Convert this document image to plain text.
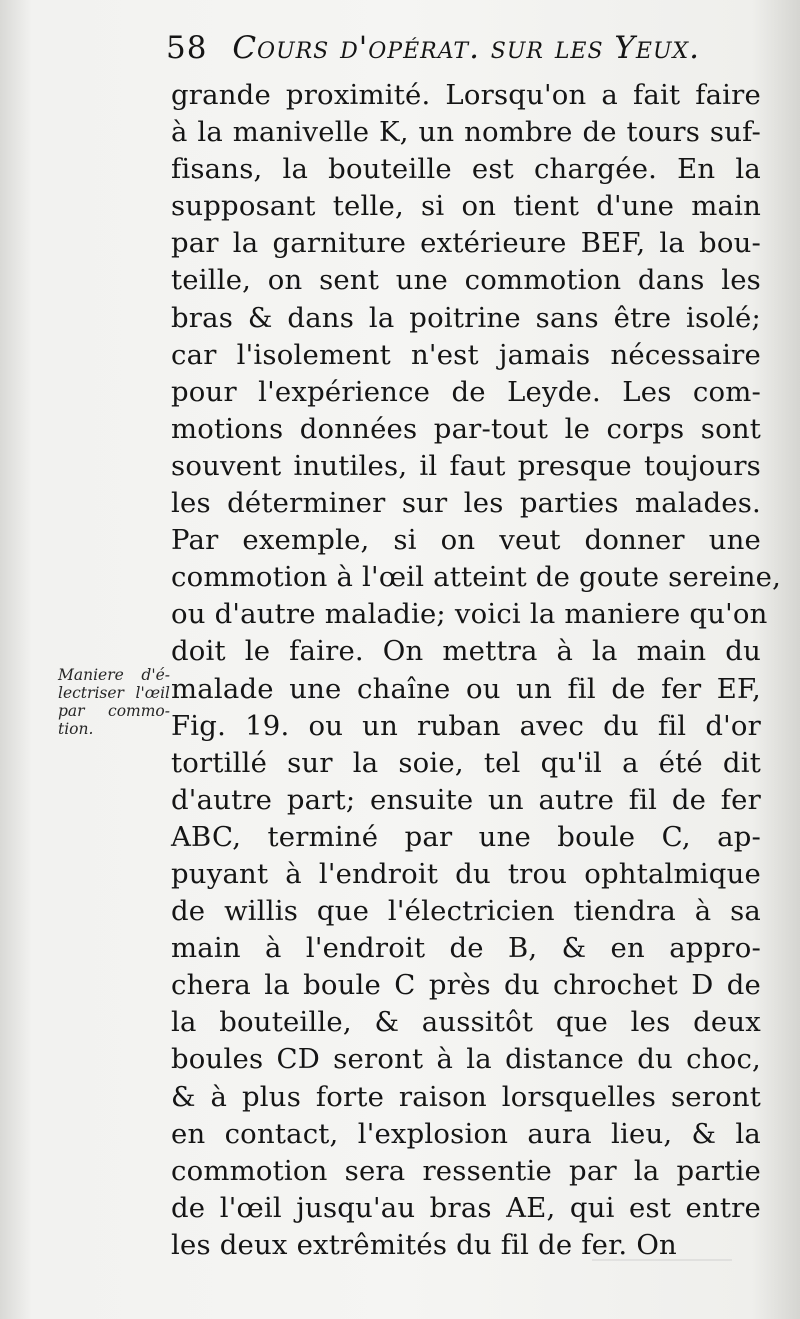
58 Cours d'opérat. sur les Yeux.
Maniere d'é-
lectriser l'œil
par commo-
tion.
grande proximité. Lorsqu'on a fait faire
à la manivelle K, un nombre de tours suf-
fisans, la bouteille est chargée. En la
supposant telle, si on tient d'une main
par la garniture extérieure BEF, la bou-
teille, on sent une commotion dans les
bras & dans la poitrine sans être isolé;
car l'isolement n'est jamais nécessaire
pour l'expérience de Leyde. Les com-
motions données par-tout le corps sont
souvent inutiles, il faut presque toujours
les déterminer sur les parties malades.
Par exemple, si on veut donner une
commotion à l'œil atteint de goute sereine,
ou d'autre maladie; voici la maniere qu'on
doit le faire. On mettra à la main du
malade une chaîne ou un fil de fer EF,
Fig. 19. ou un ruban avec du fil d'or
tortillé sur la soie, tel qu'il a été dit
d'autre part; ensuite un autre fil de fer
ABC, terminé par une boule C, ap-
puyant à l'endroit du trou ophtalmique
de willis que l'électricien tiendra à sa
main à l'endroit de B, & en appro-
chera la boule C près du chrochet D de
la bouteille, & aussitôt que les deux
boules CD seront à la distance du choc,
& à plus forte raison lorsquelles seront
en contact, l'explosion aura lieu, & la
commotion sera ressentie par la partie
de l'œil jusqu'au bras AE, qui est entre
les deux extrêmités du fil de fer. On
